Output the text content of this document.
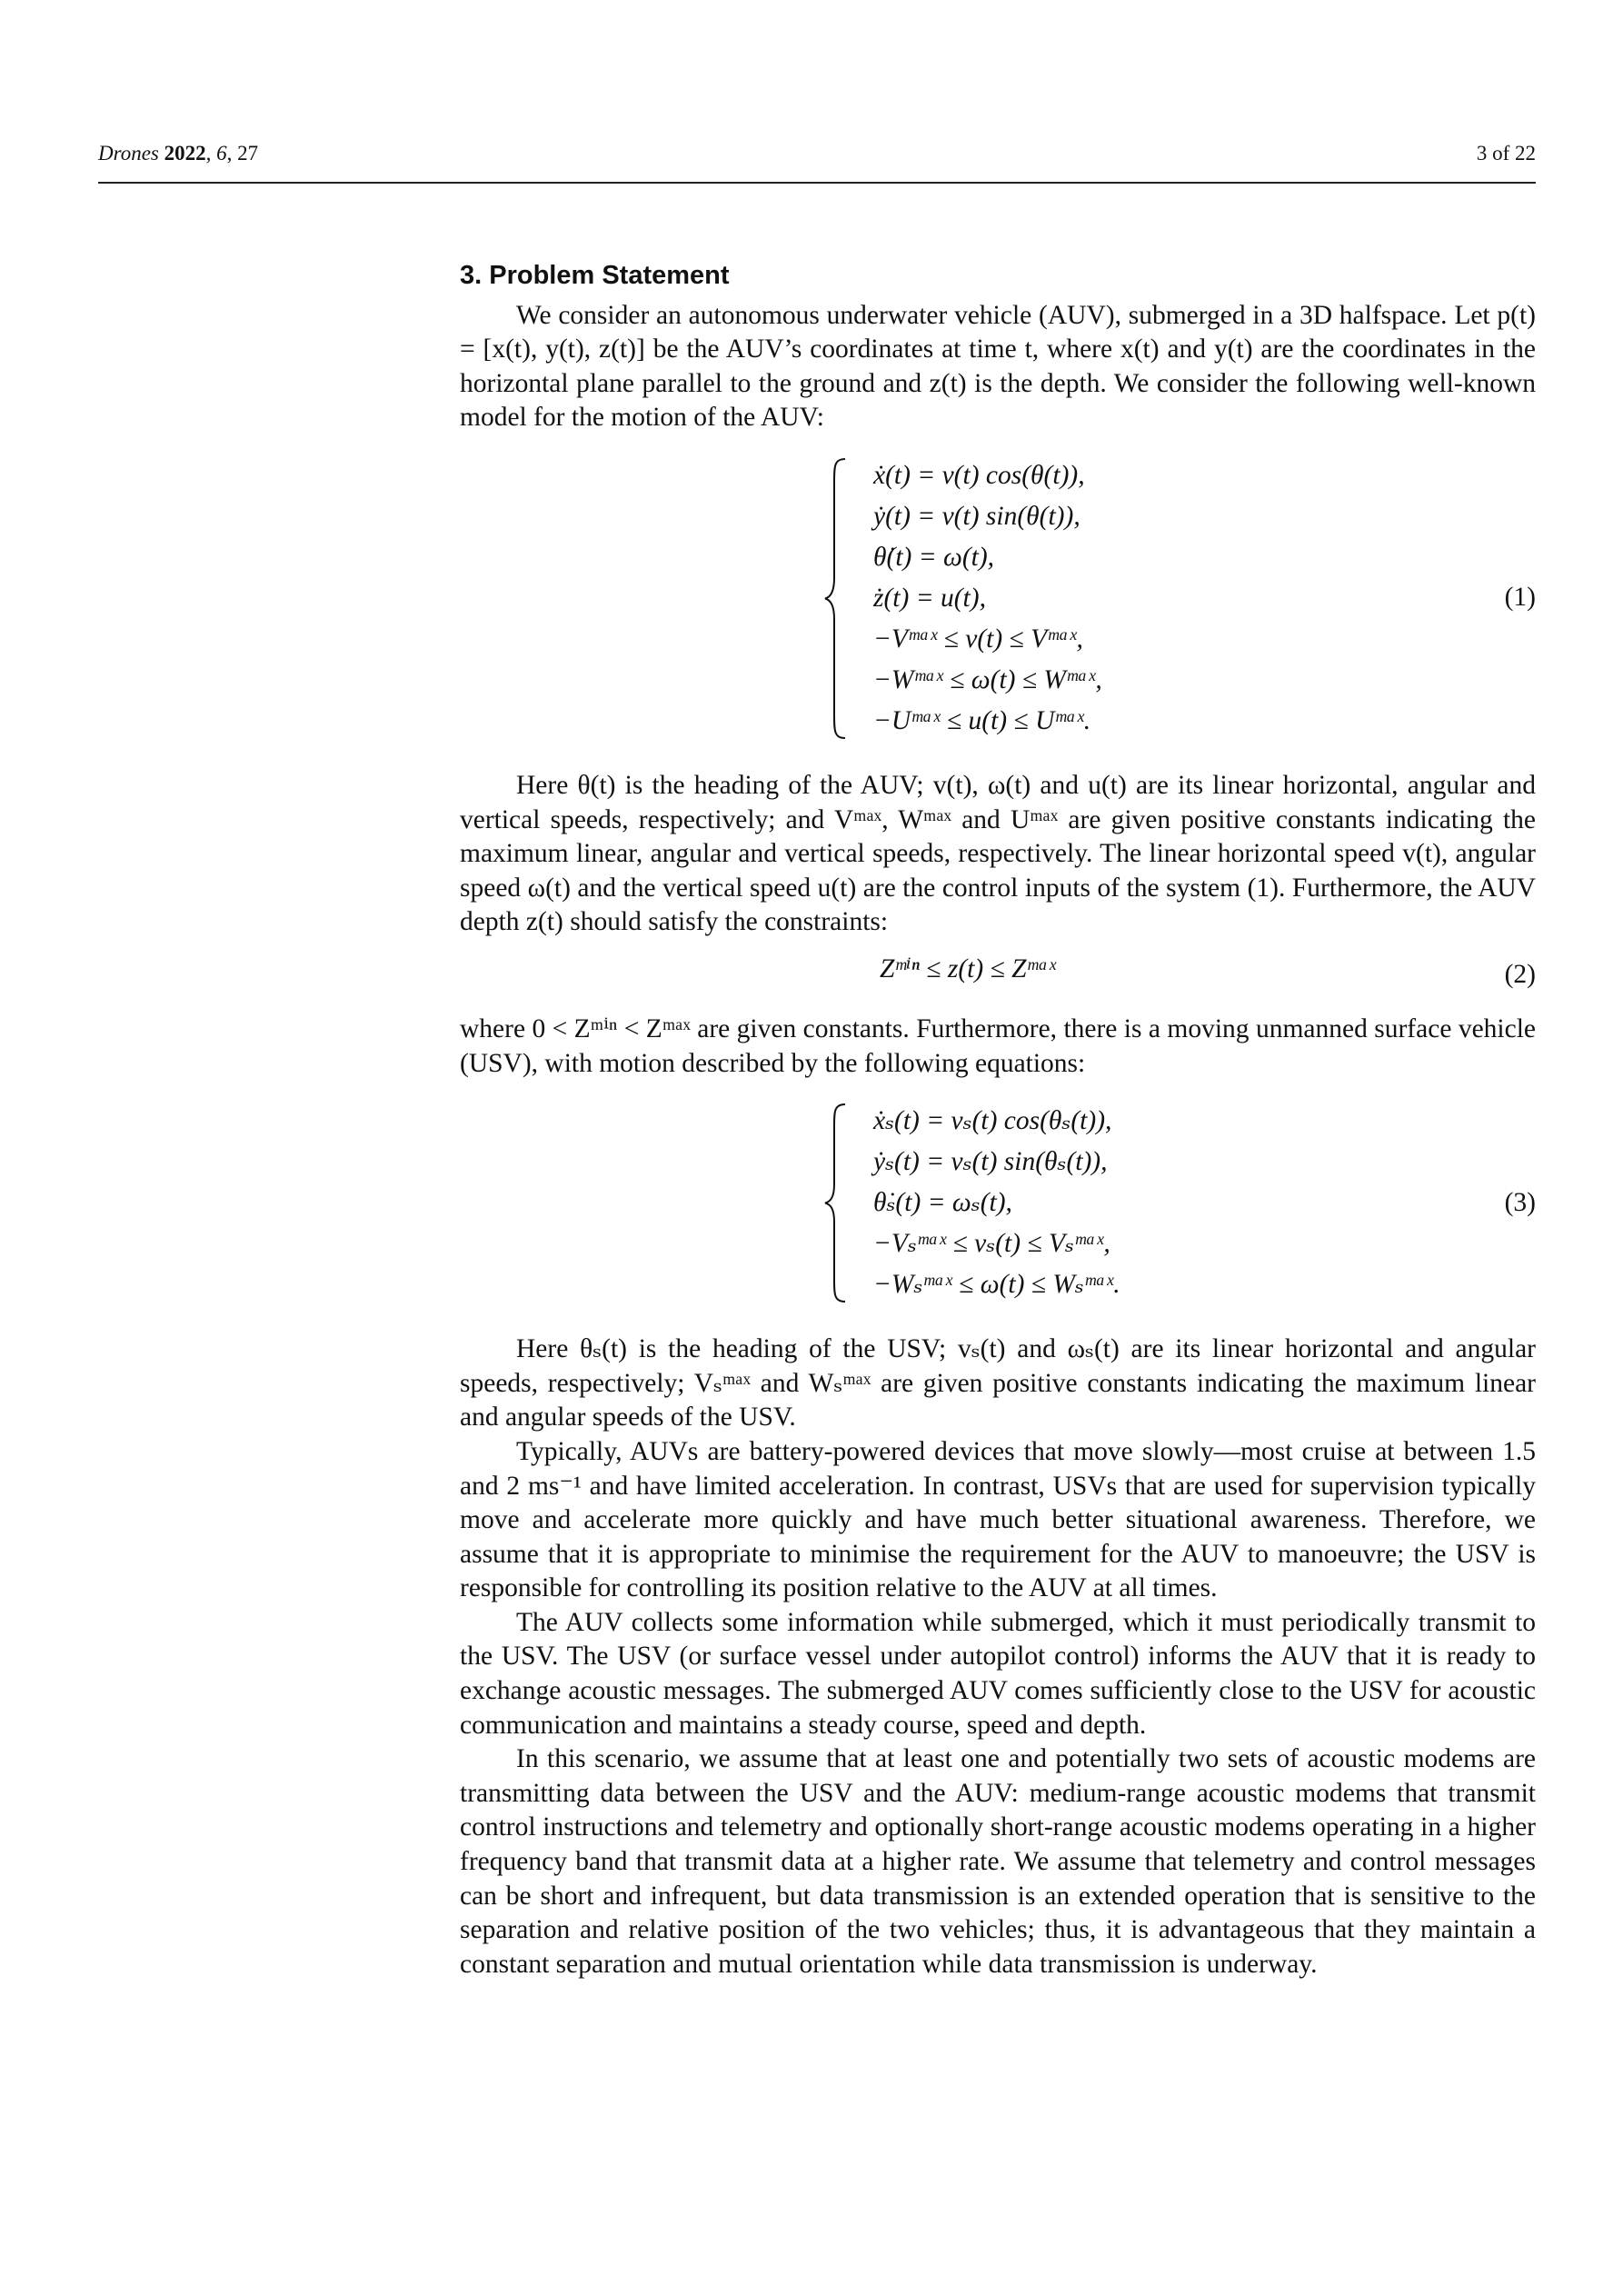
Drones 2022, 6, 27	3 of 22
3. Problem Statement

We consider an autonomous underwater vehicle (AUV), submerged in a 3D halfspace. Let p(t) = [x(t), y(t), z(t)] be the AUV’s coordinates at time t, where x(t) and y(t) are the coordinates in the horizontal plane parallel to the ground and z(t) is the depth. We consider the following well-known model for the motion of the AUV:

ẋ(t) = v(t) cos(θ(t)),
ẏ(t) = v(t) sin(θ(t)),
θ̇(t) = ω(t),
ż(t) = u(t),
−Vᵐᵃˣ ≤ v(t) ≤ Vᵐᵃˣ,
−Wᵐᵃˣ ≤ ω(t) ≤ Wᵐᵃˣ,
−Uᵐᵃˣ ≤ u(t) ≤ Uᵐᵃˣ.
(1)

Here θ(t) is the heading of the AUV; v(t), ω(t) and u(t) are its linear horizontal, angular and vertical speeds, respectively; and Vᵐᵃˣ, Wᵐᵃˣ and Uᵐᵃˣ are given positive constants indicating the maximum linear, angular and vertical speeds, respectively. The linear horizontal speed v(t), angular speed ω(t) and the vertical speed u(t) are the control inputs of the system (1). Furthermore, the AUV depth z(t) should satisfy the constraints:

Zᵐⁱⁿ ≤ z(t) ≤ Zᵐᵃˣ	(2)

where 0 < Zᵐⁱⁿ < Zᵐᵃˣ are given constants. Furthermore, there is a moving unmanned surface vehicle (USV), with motion described by the following equations:

ẋₛ(t) = vₛ(t) cos(θₛ(t)),
ẏₛ(t) = vₛ(t) sin(θₛ(t)),
θ̇ₛ(t) = ωₛ(t),
−Vₛᵐᵃˣ ≤ vₛ(t) ≤ Vₛᵐᵃˣ,
−Wₛᵐᵃˣ ≤ ω(t) ≤ Wₛᵐᵃˣ.
(3)

Here θₛ(t) is the heading of the USV; vₛ(t) and ωₛ(t) are its linear horizontal and angular speeds, respectively; Vₛᵐᵃˣ and Wₛᵐᵃˣ are given positive constants indicating the maximum linear and angular speeds of the USV.

Typically, AUVs are battery-powered devices that move slowly—most cruise at between 1.5 and 2 ms⁻¹ and have limited acceleration. In contrast, USVs that are used for supervision typically move and accelerate more quickly and have much better situational awareness. Therefore, we assume that it is appropriate to minimise the requirement for the AUV to manoeuvre; the USV is responsible for controlling its position relative to the AUV at all times.

The AUV collects some information while submerged, which it must periodically transmit to the USV. The USV (or surface vessel under autopilot control) informs the AUV that it is ready to exchange acoustic messages. The submerged AUV comes sufficiently close to the USV for acoustic communication and maintains a steady course, speed and depth.

In this scenario, we assume that at least one and potentially two sets of acoustic modems are transmitting data between the USV and the AUV: medium-range acoustic modems that transmit control instructions and telemetry and optionally short-range acoustic modems operating in a higher frequency band that transmit data at a higher rate. We assume that telemetry and control messages can be short and infrequent, but data transmission is an extended operation that is sensitive to the separation and relative position of the two vehicles; thus, it is advantageous that they maintain a constant separation and mutual orientation while data transmission is underway.
